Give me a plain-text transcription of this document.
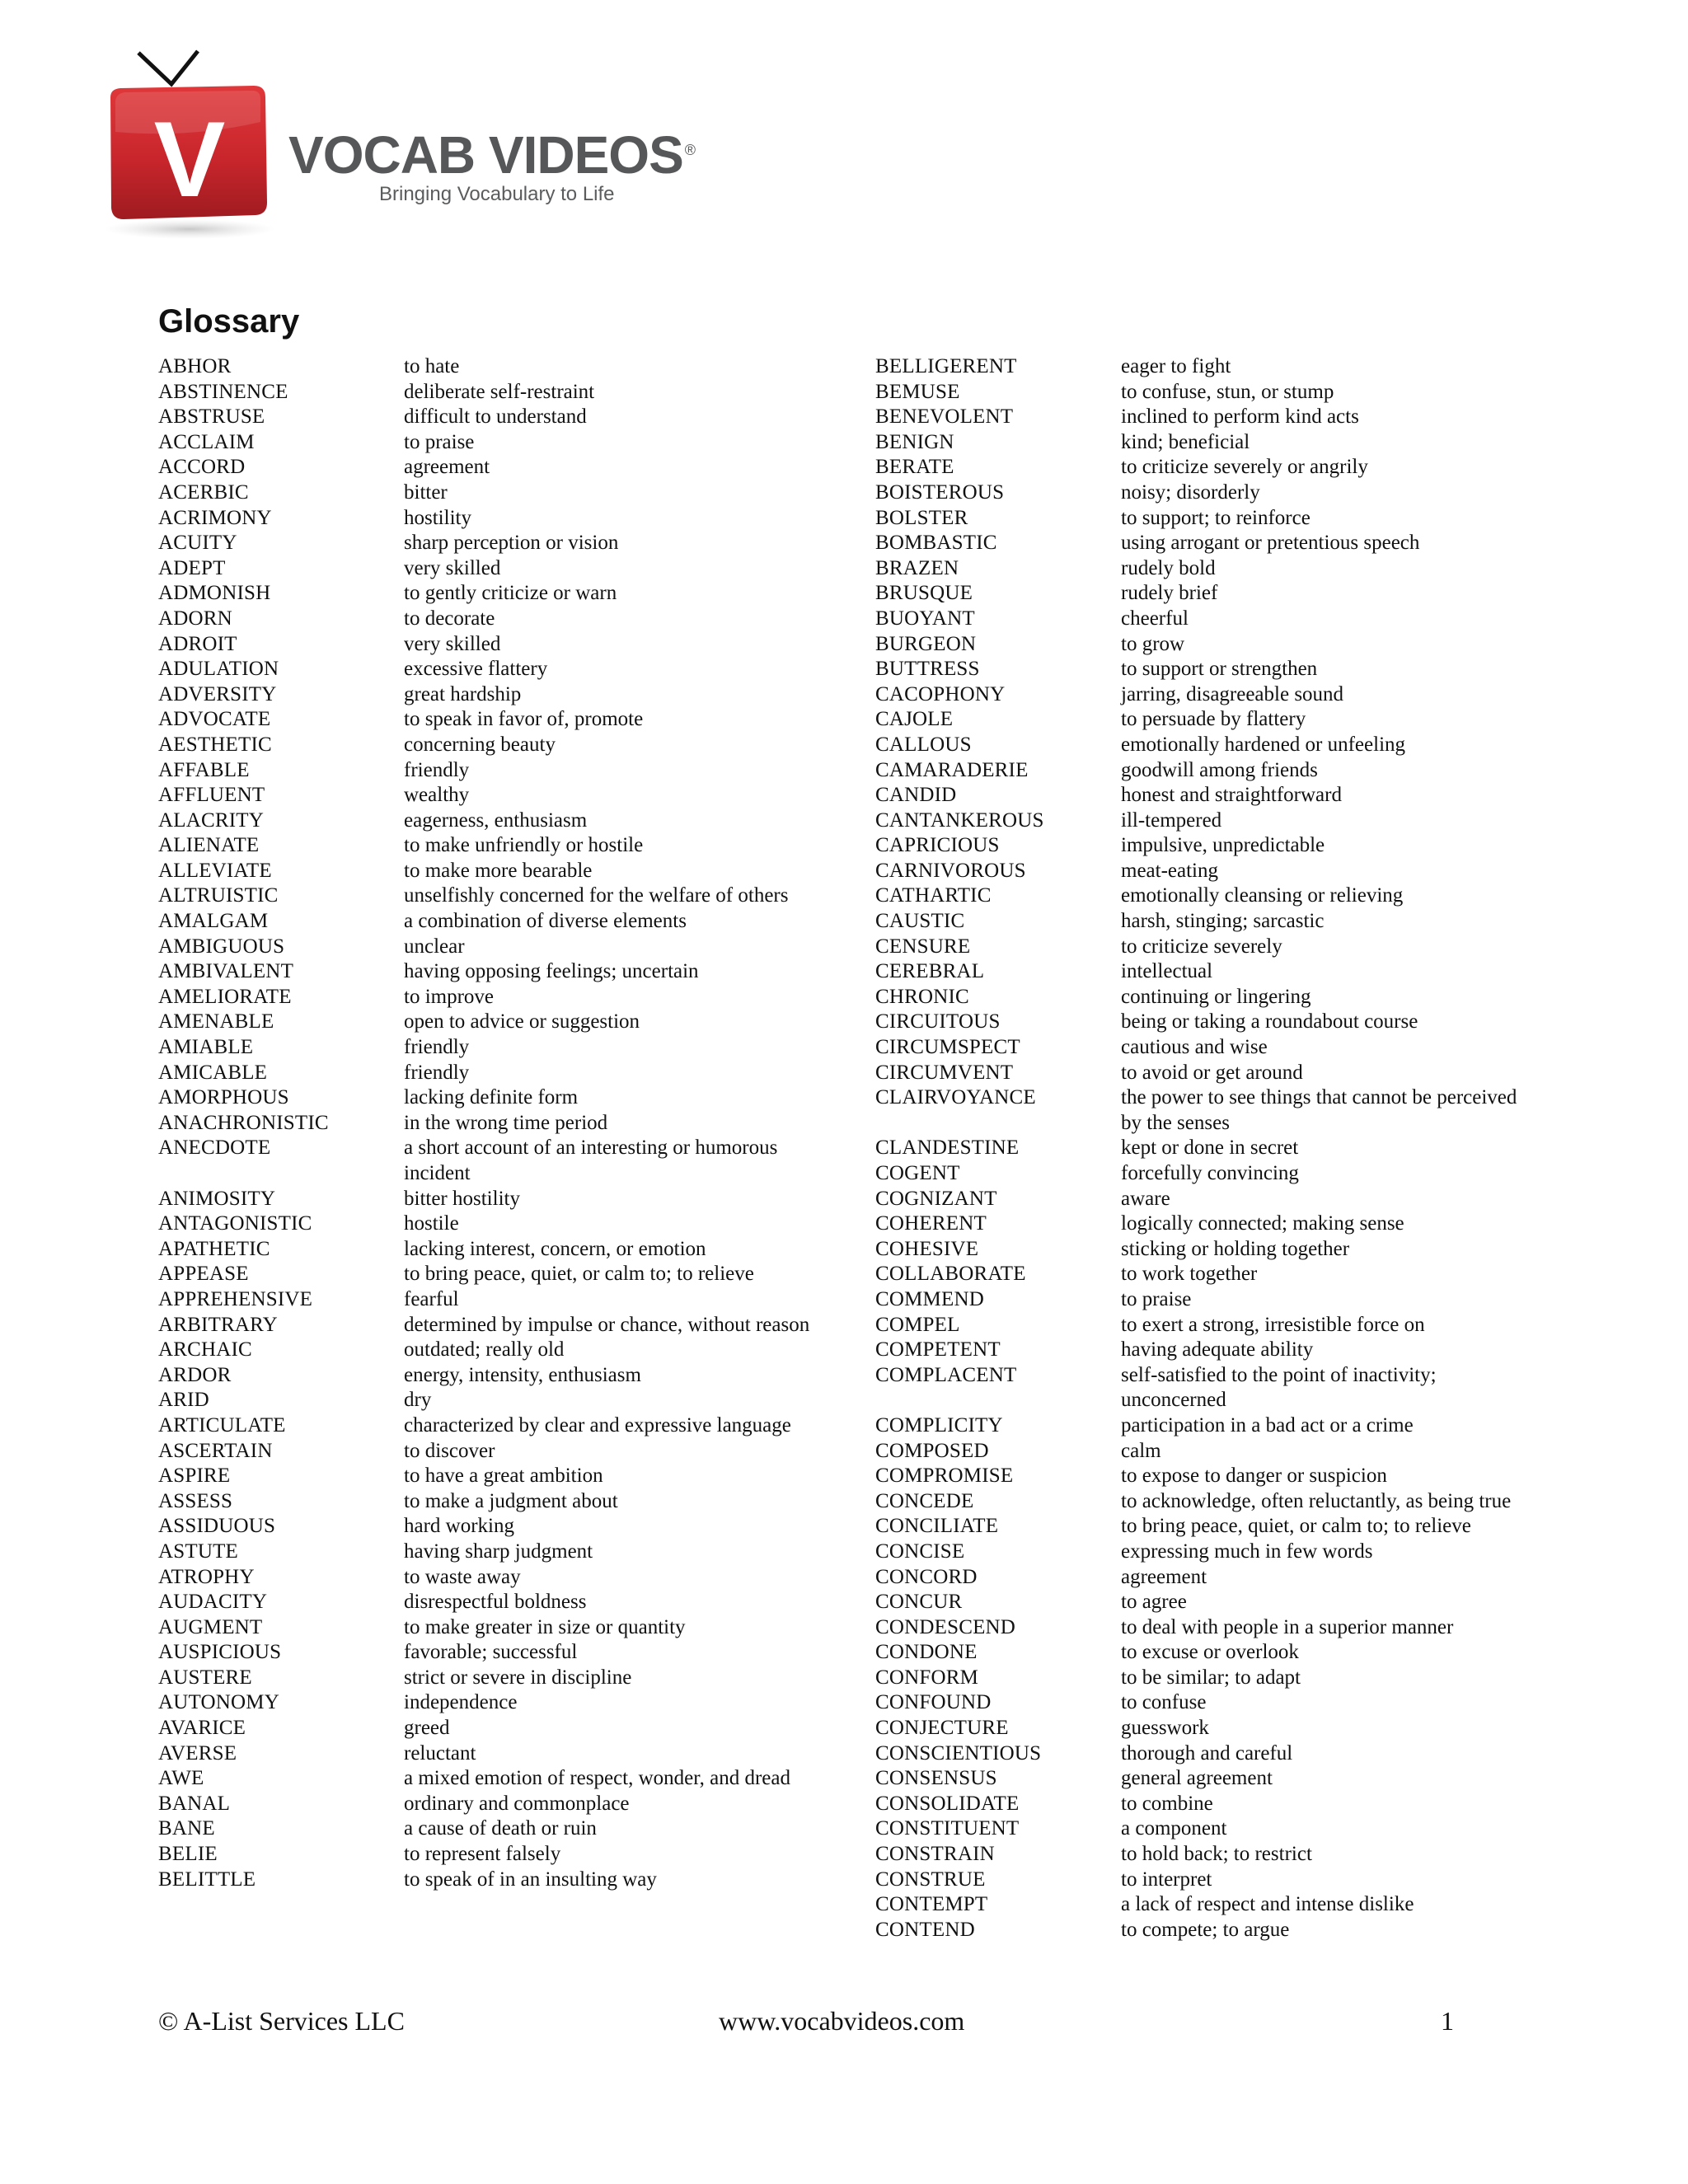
V VOCAB VIDEOS ®
Bringing Vocabulary to Life
Glossary
ABHOR	to hate
ABSTINENCE	deliberate self-restraint
ABSTRUSE	difficult to understand
ACCLAIM	to praise
ACCORD	agreement
ACERBIC	bitter
ACRIMONY	hostility
ACUITY	sharp perception or vision
ADEPT	very skilled
ADMONISH	to gently criticize or warn
ADORN	to decorate
ADROIT	very skilled
ADULATION	excessive flattery
ADVERSITY	great hardship
ADVOCATE	to speak in favor of, promote
AESTHETIC	concerning beauty
AFFABLE	friendly
AFFLUENT	wealthy
ALACRITY	eagerness, enthusiasm
ALIENATE	to make unfriendly or hostile
ALLEVIATE	to make more bearable
ALTRUISTIC	unselfishly concerned for the welfare of others
AMALGAM	a combination of diverse elements
AMBIGUOUS	unclear
AMBIVALENT	having opposing feelings; uncertain
AMELIORATE	to improve
AMENABLE	open to advice or suggestion
AMIABLE	friendly
AMICABLE	friendly
AMORPHOUS	lacking definite form
ANACHRONISTIC	in the wrong time period
ANECDOTE	a short account of an interesting or humorous incident
ANIMOSITY	bitter hostility
ANTAGONISTIC	hostile
APATHETIC	lacking interest, concern, or emotion
APPEASE	to bring peace, quiet, or calm to; to relieve
APPREHENSIVE	fearful
ARBITRARY	determined by impulse or chance, without reason
ARCHAIC	outdated; really old
ARDOR	energy, intensity, enthusiasm
ARID	dry
ARTICULATE	characterized by clear and expressive language
ASCERTAIN	to discover
ASPIRE	to have a great ambition
ASSESS	to make a judgment about
ASSIDUOUS	hard working
ASTUTE	having sharp judgment
ATROPHY	to waste away
AUDACITY	disrespectful boldness
AUGMENT	to make greater in size or quantity
AUSPICIOUS	favorable; successful
AUSTERE	strict or severe in discipline
AUTONOMY	independence
AVARICE	greed
AVERSE	reluctant
AWE	a mixed emotion of respect, wonder, and dread
BANAL	ordinary and commonplace
BANE	a cause of death or ruin
BELIE	to represent falsely
BELITTLE	to speak of in an insulting way
BELLIGERENT	eager to fight
BEMUSE	to confuse, stun, or stump
BENEVOLENT	inclined to perform kind acts
BENIGN	kind; beneficial
BERATE	to criticize severely or angrily
BOISTEROUS	noisy; disorderly
BOLSTER	to support; to reinforce
BOMBASTIC	using arrogant or pretentious speech
BRAZEN	rudely bold
BRUSQUE	rudely brief
BUOYANT	cheerful
BURGEON	to grow
BUTTRESS	to support or strengthen
CACOPHONY	jarring, disagreeable sound
CAJOLE	to persuade by flattery
CALLOUS	emotionally hardened or unfeeling
CAMARADERIE	goodwill among friends
CANDID	honest and straightforward
CANTANKEROUS	ill-tempered
CAPRICIOUS	impulsive, unpredictable
CARNIVOROUS	meat-eating
CATHARTIC	emotionally cleansing or relieving
CAUSTIC	harsh, stinging; sarcastic
CENSURE	to criticize severely
CEREBRAL	intellectual
CHRONIC	continuing or lingering
CIRCUITOUS	being or taking a roundabout course
CIRCUMSPECT	cautious and wise
CIRCUMVENT	to avoid or get around
CLAIRVOYANCE	the power to see things that cannot be perceived by the senses
CLANDESTINE	kept or done in secret
COGENT	forcefully convincing
COGNIZANT	aware
COHERENT	logically connected; making sense
COHESIVE	sticking or holding together
COLLABORATE	to work together
COMMEND	to praise
COMPEL	to exert a strong, irresistible force on
COMPETENT	having adequate ability
COMPLACENT	self-satisfied to the point of inactivity; unconcerned
COMPLICITY	participation in a bad act or a crime
COMPOSED	calm
COMPROMISE	to expose to danger or suspicion
CONCEDE	to acknowledge, often reluctantly, as being true
CONCILIATE	to bring peace, quiet, or calm to; to relieve
CONCISE	expressing much in few words
CONCORD	agreement
CONCUR	to agree
CONDESCEND	to deal with people in a superior manner
CONDONE	to excuse or overlook
CONFORM	to be similar; to adapt
CONFOUND	to confuse
CONJECTURE	guesswork
CONSCIENTIOUS	thorough and careful
CONSENSUS	general agreement
CONSOLIDATE	to combine
CONSTITUENT	a component
CONSTRAIN	to hold back; to restrict
CONSTRUE	to interpret
CONTEMPT	a lack of respect and intense dislike
CONTEND	to compete; to argue
© A-List Services LLC	www.vocabvideos.com	1
